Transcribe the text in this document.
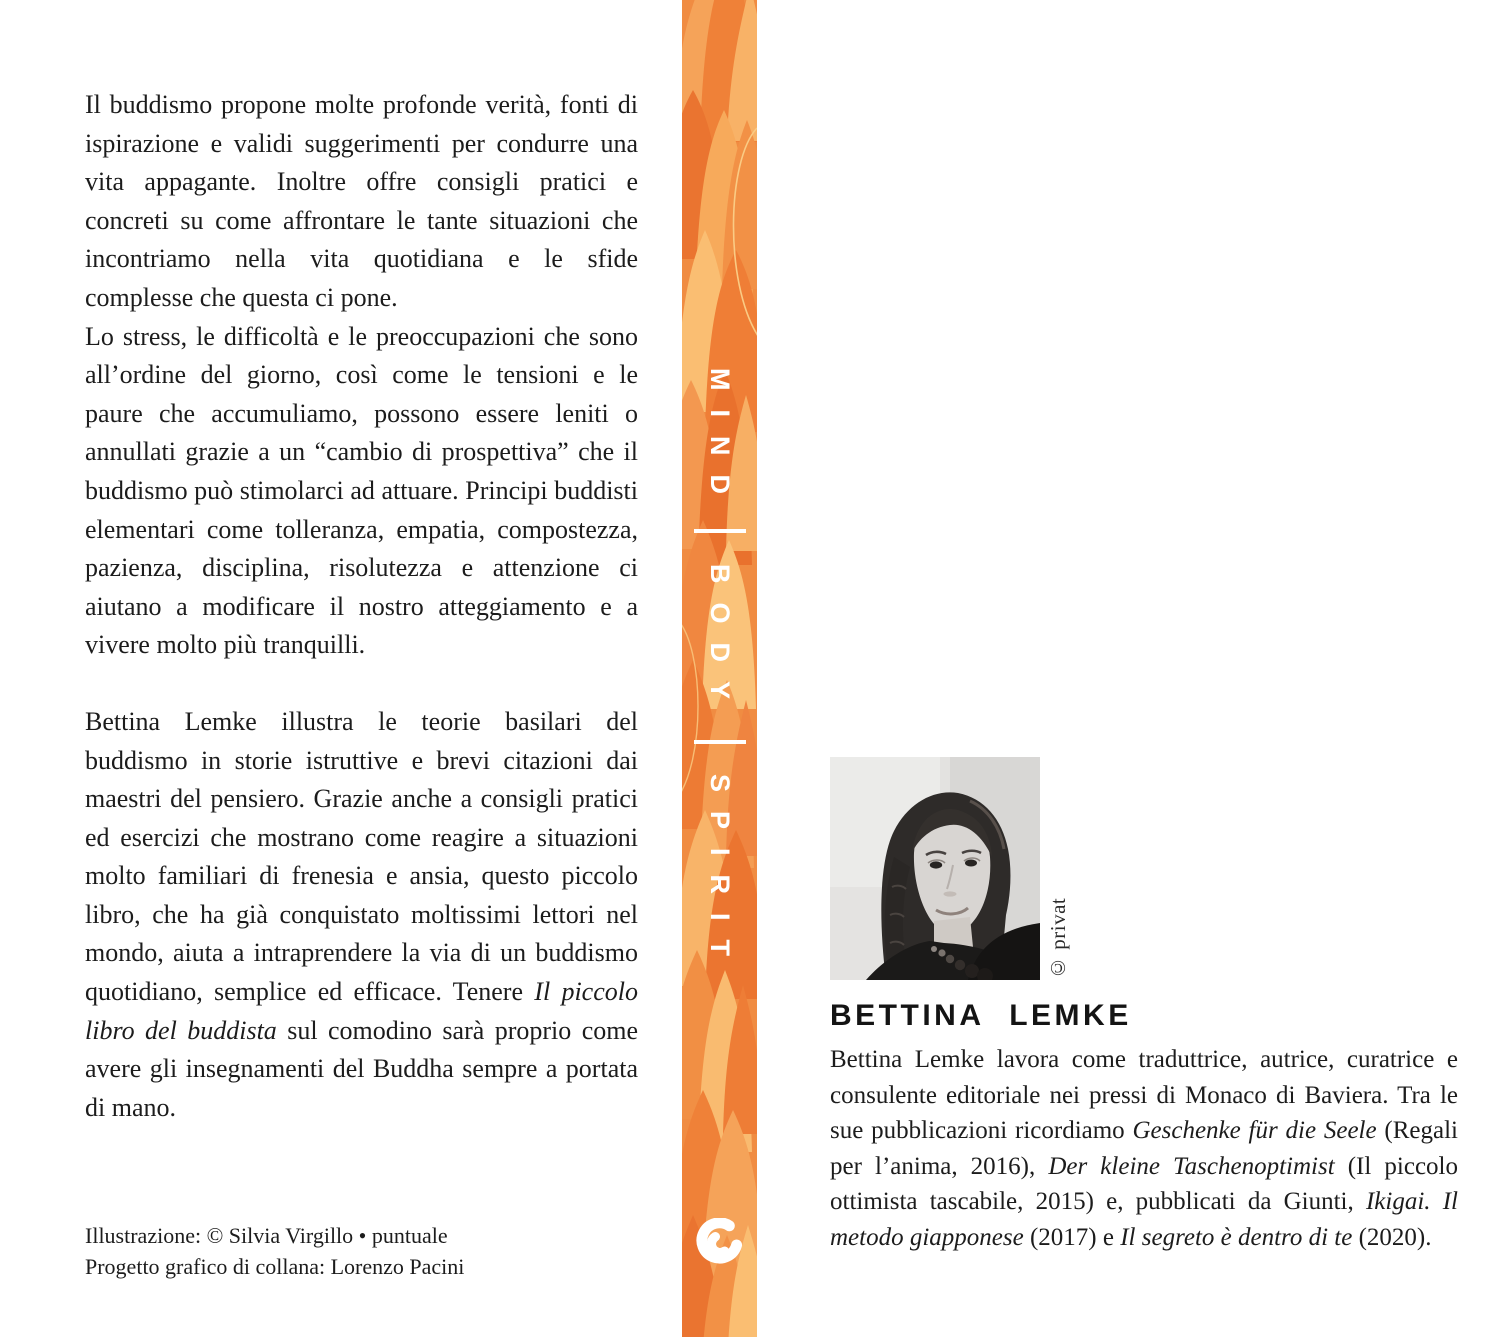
Il buddismo propone molte profonde verità, fonti di ispirazione e validi suggerimenti per condurre una vita appagante. Inoltre offre consigli pratici e concreti su come affrontare le tante situazioni che incontriamo nella vita quotidiana e le sfide complesse che questa ci pone.

Lo stress, le difficoltà e le preoccupazioni che sono all’ordine del giorno, così come le tensioni e le paure che accumuliamo, possono essere leniti o annullati grazie a un “cambio di prospettiva” che il buddismo può stimolarci ad attuare. Principi buddisti elementari come tolleranza, empatia, compostezza, pazienza, disciplina, risolutezza e attenzione ci aiutano a modificare il nostro atteggiamento e a vivere molto più tranquilli.

Bettina Lemke illustra le teorie basilari del buddismo in storie istruttive e brevi citazioni dai maestri del pensiero. Grazie anche a consigli pratici ed esercizi che mostrano come reagire a situazioni molto familiari di frenesia e ansia, questo piccolo libro, che ha già conquistato moltissimi lettori nel mondo, aiuta a intraprendere la via di un buddismo quotidiano, semplice ed efficace. Tenere Il piccolo libro del buddista sul comodino sarà proprio come avere gli insegnamenti del Buddha sempre a portata di mano.

Illustrazione: © Silvia Virgillo • puntuale
Progetto grafico di collana: Lorenzo Pacini
MIND
BODY
SPIRIT	© privat
BETTINA LEMKE

Bettina Lemke lavora come traduttrice, autrice, curatrice e consulente editoriale nei pressi di Monaco di Baviera. Tra le sue pubblicazioni ricordiamo Geschenke für die Seele (Regali per l’anima, 2016), Der kleine Taschenoptimist (Il piccolo ottimista tascabile, 2015) e, pubblicati da Giunti, Ikigai. Il metodo giapponese (2017) e Il segreto è dentro di te (2020).
